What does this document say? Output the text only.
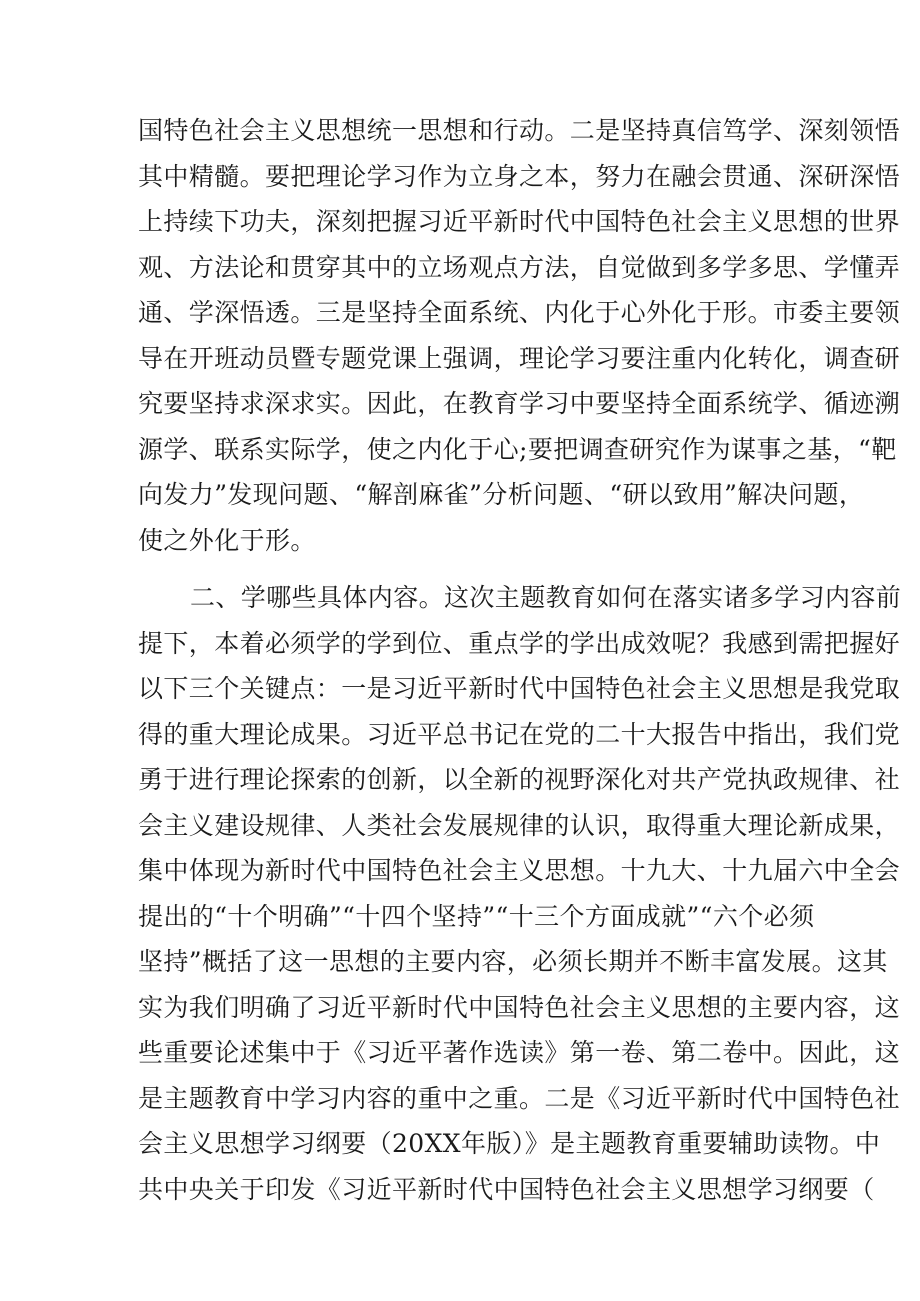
国特色社会主义思想统一思想和行动。二是坚持真信笃学、深刻领悟
其中精髓。要把理论学习作为立身之本，努力在融会贯通、深研深悟
上持续下功夫，深刻把握习近平新时代中国特色社会主义思想的世界
观、方法论和贯穿其中的立场观点方法，自觉做到多学多思、学懂弄
通、学深悟透。三是坚持全面系统、内化于心外化于形。市委主要领
导在开班动员暨专题党课上强调，理论学习要注重内化转化，调查研
究要坚持求深求实。因此，在教育学习中要坚持全面系统学、循迹溯
源学、联系实际学，使之内化于心;要把调查研究作为谋事之基，“靶
向发力”发现问题、“解剖麻雀”分析问题、“研以致用”解决问题，
使之外化于形。
二、学哪些具体内容。这次主题教育如何在落实诸多学习内容前
提下，本着必须学的学到位、重点学的学出成效呢？我感到需把握好
以下三个关键点：一是习近平新时代中国特色社会主义思想是我党取
得的重大理论成果。习近平总书记在党的二十大报告中指出，我们党
勇于进行理论探索的创新，以全新的视野深化对共产党执政规律、社
会主义建设规律、人类社会发展规律的认识，取得重大理论新成果，
集中体现为新时代中国特色社会主义思想。十九大、十九届六中全会
提出的“十个明确”“十四个坚持”“十三个方面成就”“六个必须
坚持”概括了这一思想的主要内容，必须长期并不断丰富发展。这其
实为我们明确了习近平新时代中国特色社会主义思想的主要内容，这
些重要论述集中于《习近平著作选读》第一卷、第二卷中。因此，这
是主题教育中学习内容的重中之重。二是《习近平新时代中国特色社
会主义思想学习纲要（20XX年版）》是主题教育重要辅助读物。中
共中央关于印发《习近平新时代中国特色社会主义思想学习纲要（
